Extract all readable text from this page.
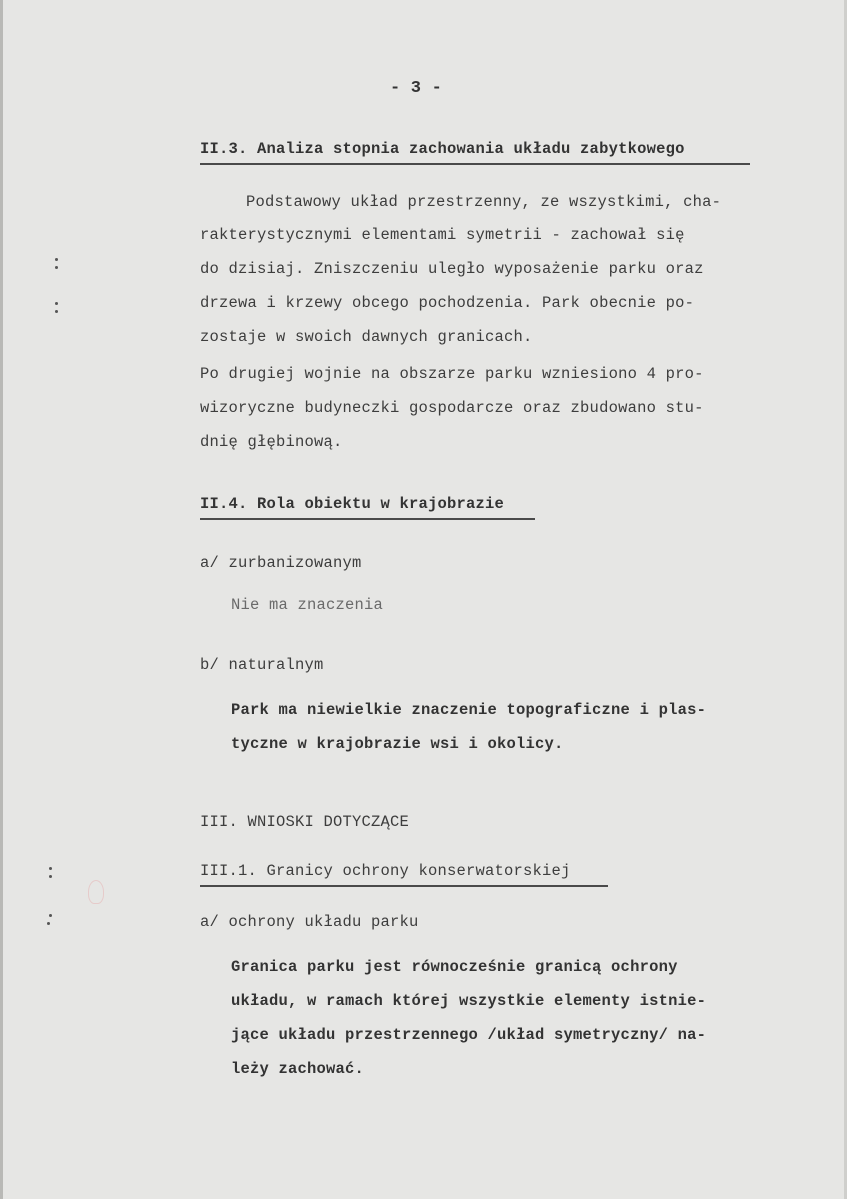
- 3 -
II.3. Analiza stopnia zachowania układu zabytkowego
Podstawowy układ przestrzenny, ze wszystkimi, cha-
rakterystycznymi elementami symetrii - zachował się
do dzisiaj. Zniszczeniu uległo wyposażenie parku oraz
drzewa i krzewy obcego pochodzenia. Park obecnie po-
zostaje w swoich dawnych granicach.
Po drugiej wojnie na obszarze parku wzniesiono 4 pro-
wizoryczne budyneczki gospodarcze oraz zbudowano stu-
dnię głębinową.
II.4. Rola obiektu w krajobrazie
a/ zurbanizowanym
Nie ma znaczenia
b/ naturalnym
Park ma niewielkie znaczenie topograficzne i plas-
tyczne w krajobrazie wsi i okolicy.
III. WNIOSKI DOTYCZĄCE
III.1. Granicy ochrony konserwatorskiej
a/ ochrony układu parku
Granica parku jest równocześnie granicą ochrony
układu, w ramach której wszystkie elementy istnie-
jące układu przestrzennego /układ symetryczny/ na-
leży zachować.
